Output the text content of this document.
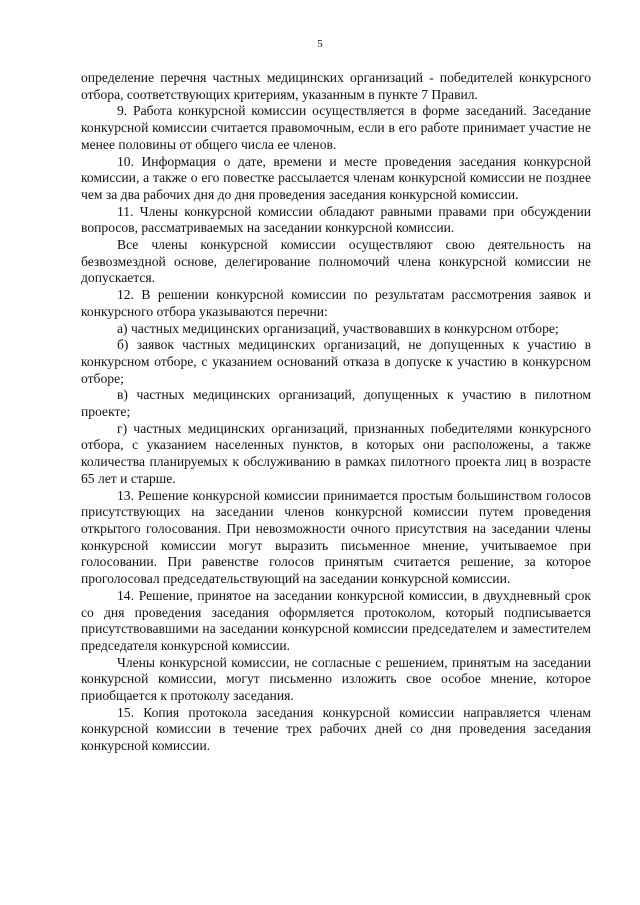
5

определение перечня частных медицинских организаций - победителей конкурсного отбора, соответствующих критериям, указанным в пункте 7 Правил.

9. Работа конкурсной комиссии осуществляется в форме заседаний. Заседание конкурсной комиссии считается правомочным, если в его работе принимает участие не менее половины от общего числа ее членов.

10. Информация о дате, времени и месте проведения заседания конкурсной комиссии, а также о его повестке рассылается членам конкурсной комиссии не позднее чем за два рабочих дня до дня проведения заседания конкурсной комиссии.

11. Члены конкурсной комиссии обладают равными правами при обсуждении вопросов, рассматриваемых на заседании конкурсной комиссии.

Все члены конкурсной комиссии осуществляют свою деятельность на безвозмездной основе, делегирование полномочий члена конкурсной комиссии не допускается.

12. В решении конкурсной комиссии по результатам рассмотрения заявок и конкурсного отбора указываются перечни:

а) частных медицинских организаций, участвовавших в конкурсном отборе;

б) заявок частных медицинских организаций, не допущенных к участию в конкурсном отборе, с указанием оснований отказа в допуске к участию в конкурсном отборе;

в) частных медицинских организаций, допущенных к участию в пилотном проекте;

г) частных медицинских организаций, признанных победителями конкурсного отбора, с указанием населенных пунктов, в которых они расположены, а также количества планируемых к обслуживанию в рамках пилотного проекта лиц в возрасте 65 лет и старше.

13. Решение конкурсной комиссии принимается простым большинством голосов присутствующих на заседании членов конкурсной комиссии путем проведения открытого голосования. При невозможности очного присутствия на заседании члены конкурсной комиссии могут выразить письменное мнение, учитываемое при голосовании. При равенстве голосов принятым считается решение, за которое проголосовал председательствующий на заседании конкурсной комиссии.

14. Решение, принятое на заседании конкурсной комиссии, в двухдневный срок со дня проведения заседания оформляется протоколом, который подписывается присутствовавшими на заседании конкурсной комиссии председателем и заместителем председателя конкурсной комиссии.

Члены конкурсной комиссии, не согласные с решением, принятым на заседании конкурсной комиссии, могут письменно изложить свое особое мнение, которое приобщается к протоколу заседания.

15. Копия протокола заседания конкурсной комиссии направляется членам конкурсной комиссии в течение трех рабочих дней со дня проведения заседания конкурсной комиссии.
